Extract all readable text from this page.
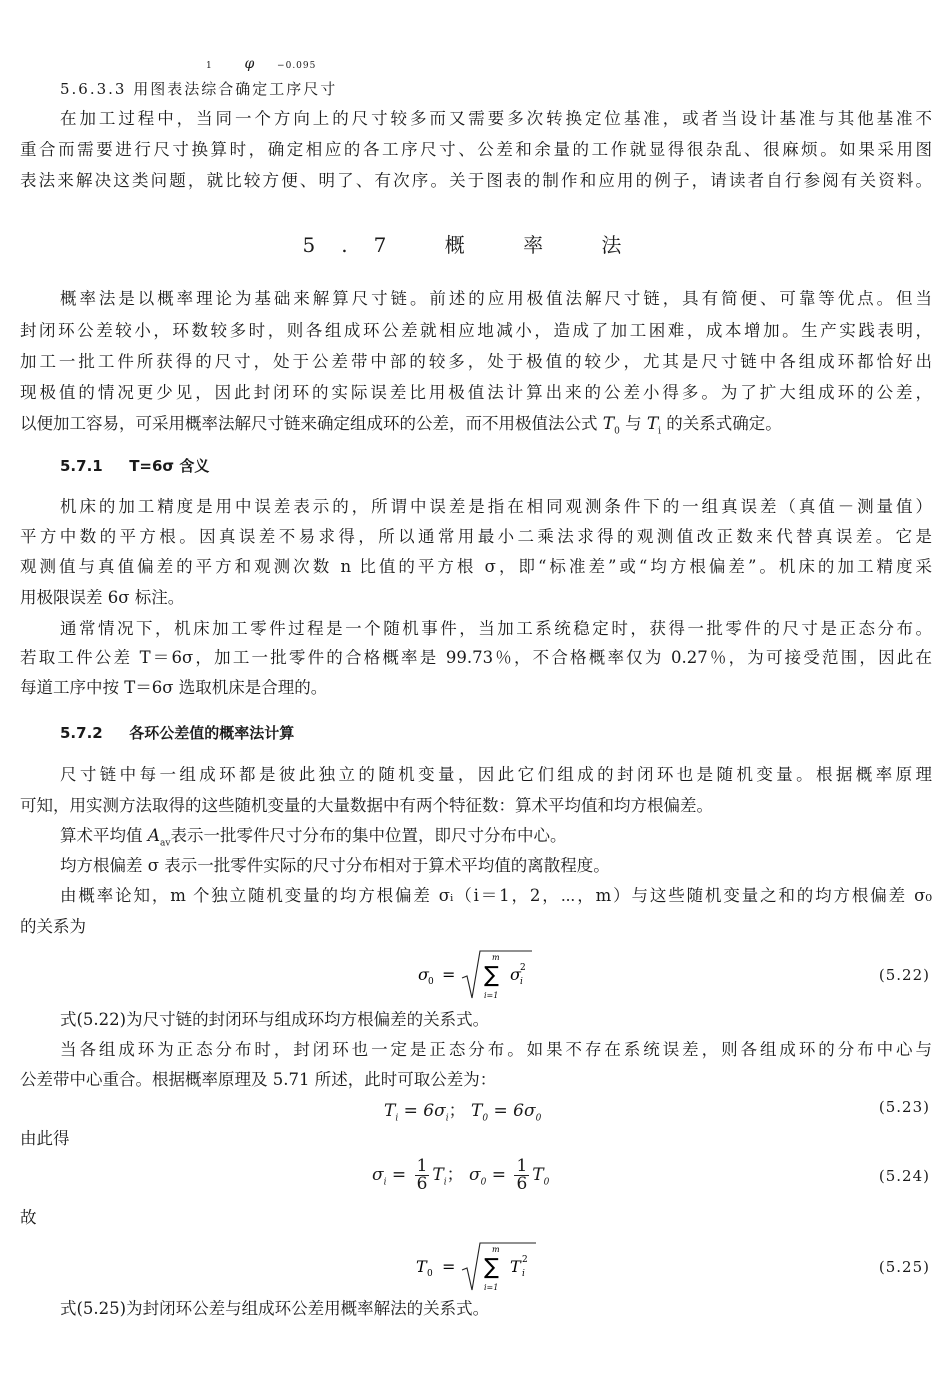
1 φ −0.095
5.6.3.3 用图表法综合确定工序尺寸
在加工过程中，当同一个方向上的尺寸较多而又需要多次转换定位基准，或者当设计基准与其他基准不
重合而需要进行尺寸换算时，确定相应的各工序尺寸、公差和余量的工作就显得很杂乱、很麻烦。如果采用图
表法来解决这类问题，就比较方便、明了、有次序。关于图表的制作和应用的例子，请读者自行参阅有关资料。
5.7 概 率 法
概率法是以概率理论为基础来解算尺寸链。前述的应用极值法解尺寸链，具有简便、可靠等优点。但当
封闭环公差较小，环数较多时，则各组成环公差就相应地减小，造成了加工困难，成本增加。生产实践表明，
加工一批工件所获得的尺寸，处于公差带中部的较多，处于极值的较少，尤其是尺寸链中各组成环都恰好出
现极值的情况更少见，因此封闭环的实际误差比用极值法计算出来的公差小得多。为了扩大组成环的公差，
以便加工容易，可采用概率法解尺寸链来确定组成环的公差，而不用极值法公式 $T_0$ 与 $T_i$ 的关系式确定。
5.7.1 T=6σ 含义
机床的加工精度是用中误差表示的，所谓中误差是指在相同观测条件下的一组真误差（真值－测量值）
平方中数的平方根。因真误差不易求得，所以通常用最小二乘法求得的观测值改正数来代替真误差。它是
观测值与真值偏差的平方和观测次数 n 比值的平方根 σ，即“标准差”或“均方根偏差”。机床的加工精度采
用极限误差 6σ 标注。
通常情况下，机床加工零件过程是一个随机事件，当加工系统稳定时，获得一批零件的尺寸是正态分布。
若取工件公差 T＝6σ，加工一批零件的合格概率是 99.73％，不合格概率仅为 0.27％，为可接受范围，因此在
每道工序中按 T＝6σ 选取机床是合理的。
5.7.2 各环公差值的概率法计算
尺寸链中每一组成环都是彼此独立的随机变量，因此它们组成的封闭环也是随机变量。根据概率原理
可知，用实测方法取得的这些随机变量的大量数据中有两个特征数：算术平均值和均方根偏差。
算术平均值 $A_{av}$表示一批零件尺寸分布的集中位置，即尺寸分布中心。
均方根偏差 σ 表示一批零件实际的尺寸分布相对于算术平均值的离散程度。
由概率论知，m 个独立随机变量的均方根偏差 σᵢ（i＝1，2，⋯，m）与这些随机变量之和的均方根偏差 σ₀
的关系为
σ 0 =
m
∑
i=1
σ 2
i	(5.22)
式(5.22)为尺寸链的封闭环与组成环均方根偏差的关系式。
当各组成环为正态分布时，封闭环也一定是正态分布。如果不存在系统误差，则各组成环的分布中心与
公差带中心重合。根据概率原理及 5.71 所述，此时可取公差为：
$T_i = 6\sigma_i$； $T_0 = 6\sigma_0$
(5.23)
由此得
$\sigma_i = \frac{1}{6} T_i$； $\sigma_0 = \frac{1}{6} T_0$	(5.24)
故
T 0 =
m
∑
i=1
T 2
i	(5.25)
式(5.25)为封闭环公差与组成环公差用概率解法的关系式。
